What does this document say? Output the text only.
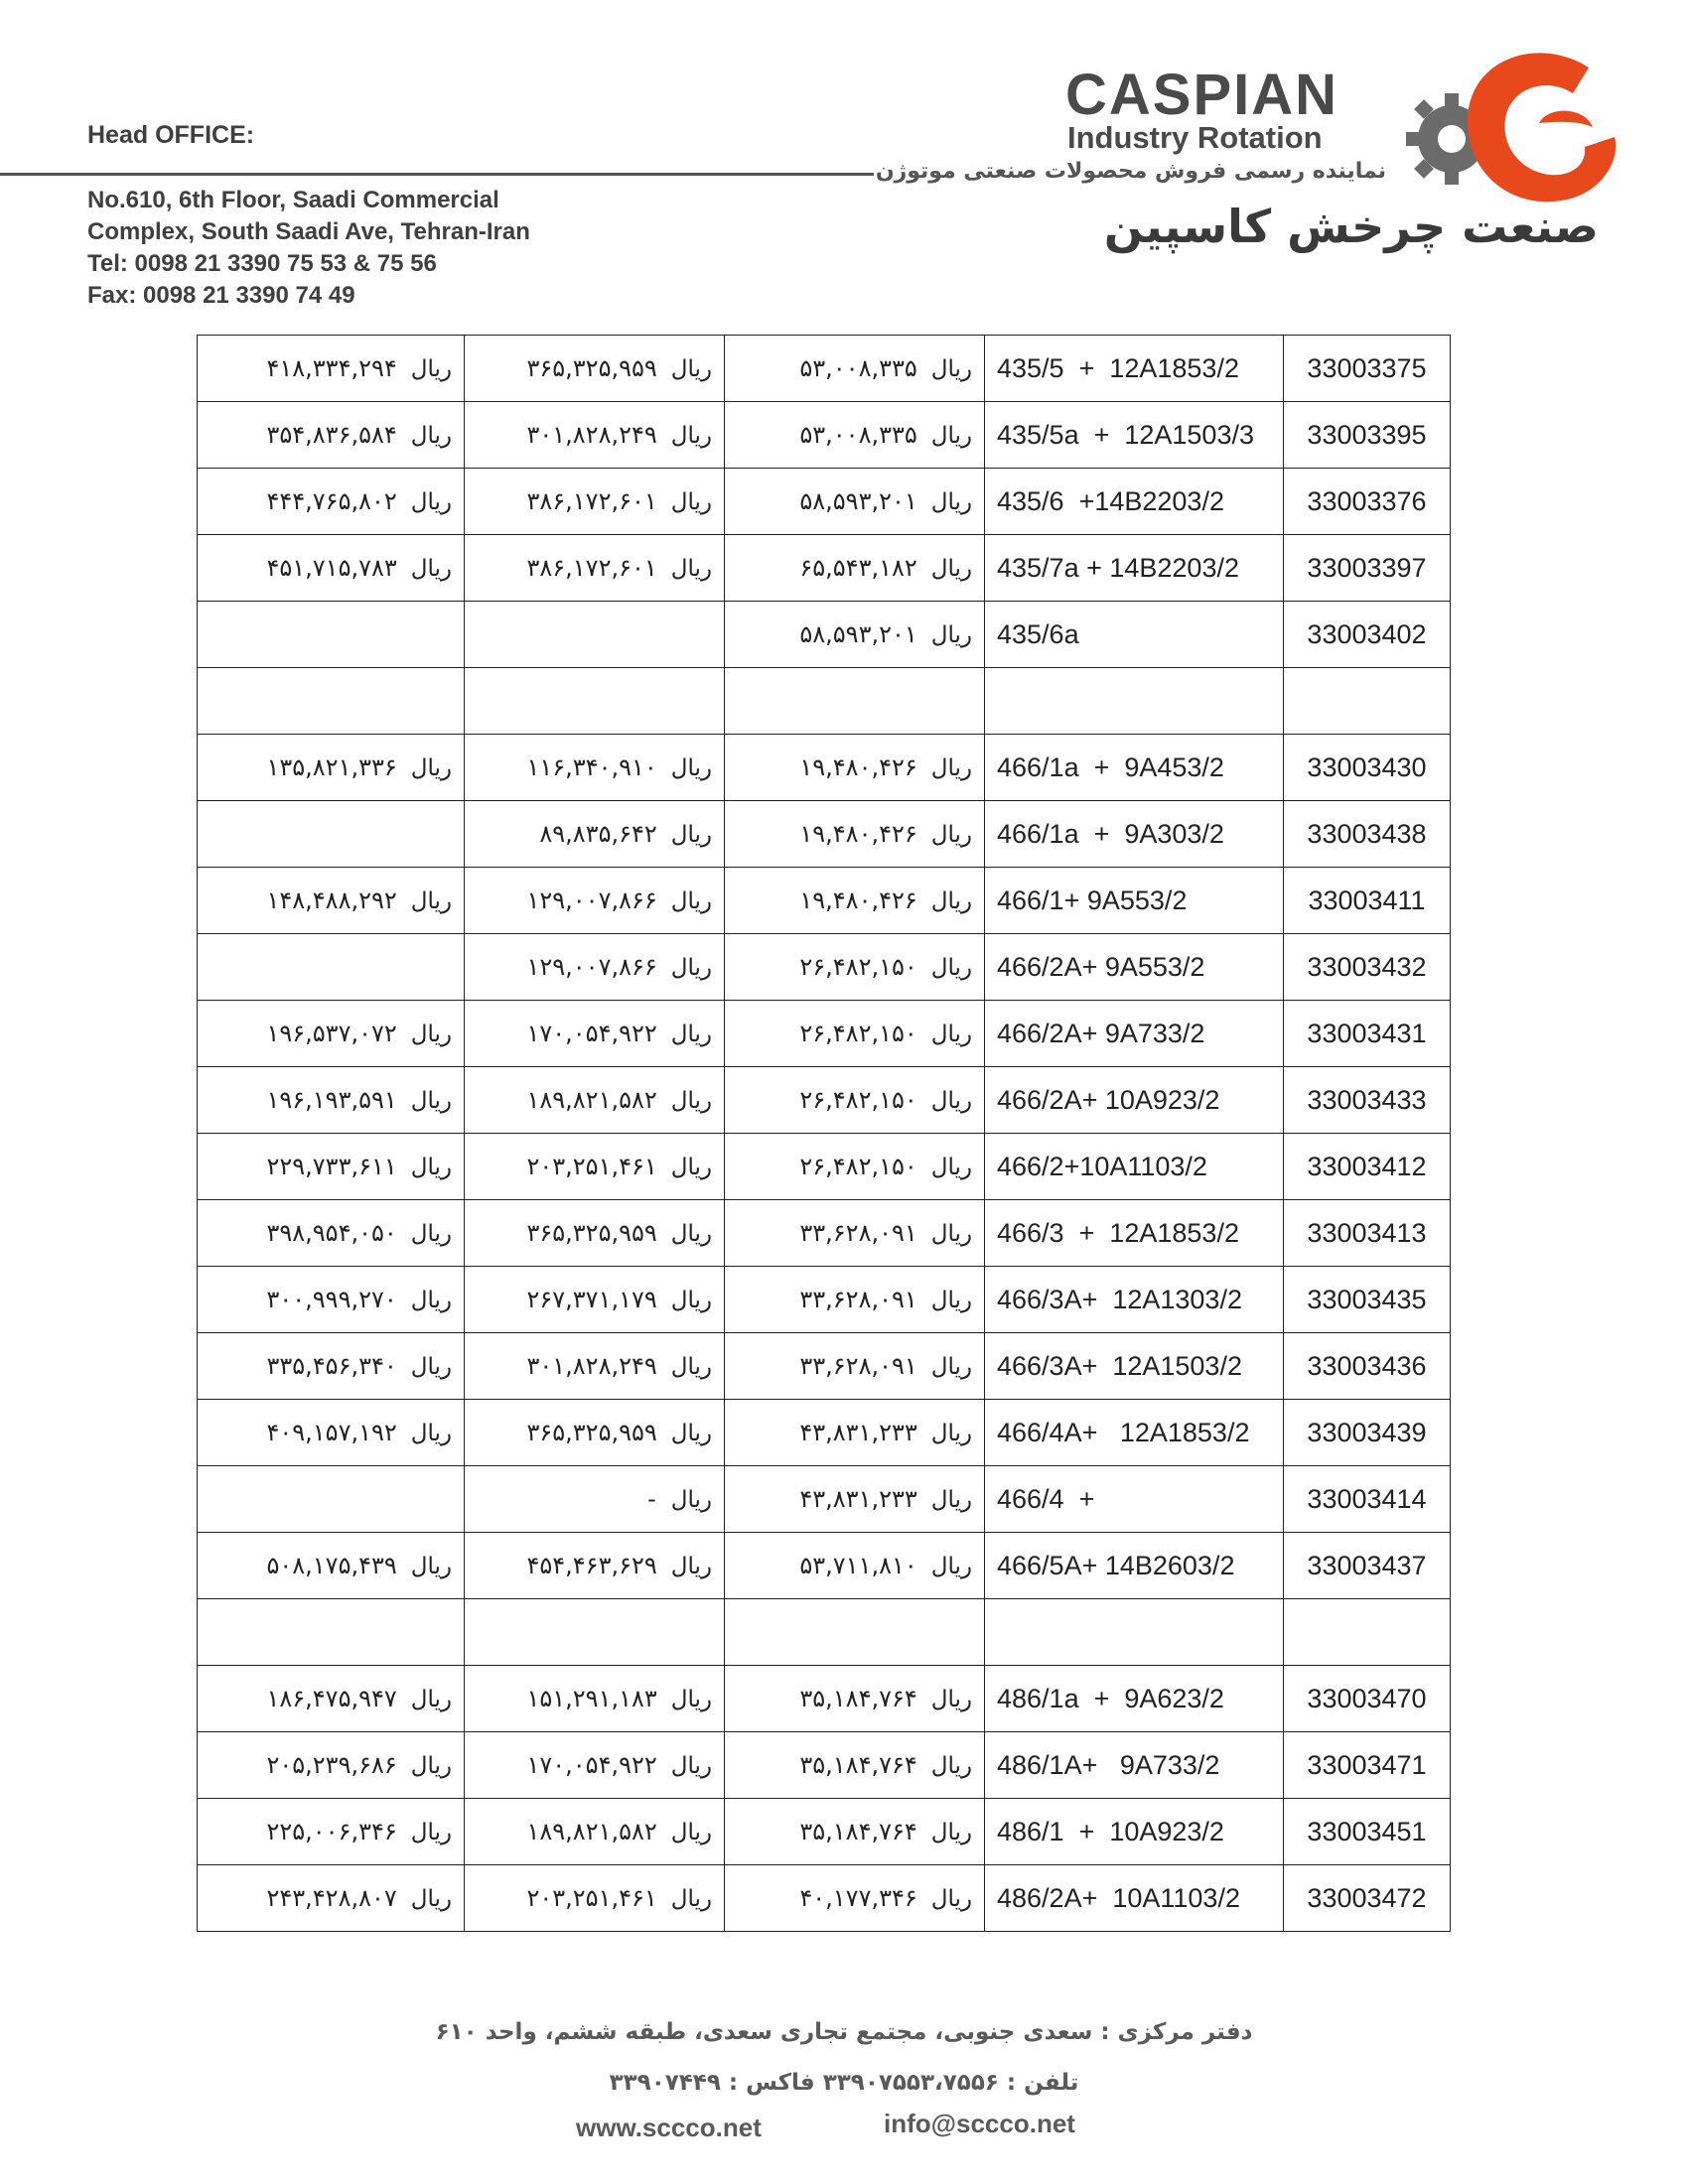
Head OFFICE:
No.610, 6th Floor, Saadi Commercial
Complex, South Saadi Ave, Tehran-Iran
Tel: 0098 21 3390 75 53 & 75 56
Fax: 0098 21 3390 74 49
CASPIAN
Industry Rotation
نماینده رسمی فروش محصولات صنعتی موتوژن
صنعت چرخش کاسپین
ریال۴۱۸,۳۳۴,۲۹۴	ریال۳۶۵,۳۲۵,۹۵۹	ریال۵۳,۰۰۸,۳۳۵	435/5  +  12A1853/2	33003375
ریال۳۵۴,۸۳۶,۵۸۴	ریال۳۰۱,۸۲۸,۲۴۹	ریال۵۳,۰۰۸,۳۳۵	435/5a  +  12A1503/3	33003395
ریال۴۴۴,۷۶۵,۸۰۲	ریال۳۸۶,۱۷۲,۶۰۱	ریال۵۸,۵۹۳,۲۰۱	435/6  +14B2203/2	33003376
ریال۴۵۱,۷۱۵,۷۸۳	ریال۳۸۶,۱۷۲,۶۰۱	ریال۶۵,۵۴۳,۱۸۲	435/7a + 14B2203/2	33003397
		ریال۵۸,۵۹۳,۲۰۱	435/6a	33003402

ریال۱۳۵,۸۲۱,۳۳۶	ریال۱۱۶,۳۴۰,۹۱۰	ریال۱۹,۴۸۰,۴۲۶	466/1a  +  9A453/2	33003430
	ریال۸۹,۸۳۵,۶۴۲	ریال۱۹,۴۸۰,۴۲۶	466/1a  +  9A303/2	33003438
ریال۱۴۸,۴۸۸,۲۹۲	ریال۱۲۹,۰۰۷,۸۶۶	ریال۱۹,۴۸۰,۴۲۶	466/1+ 9A553/2	33003411
	ریال۱۲۹,۰۰۷,۸۶۶	ریال۲۶,۴۸۲,۱۵۰	466/2A+ 9A553/2	33003432
ریال۱۹۶,۵۳۷,۰۷۲	ریال۱۷۰,۰۵۴,۹۲۲	ریال۲۶,۴۸۲,۱۵۰	466/2A+ 9A733/2	33003431
ریال۱۹۶,۱۹۳,۵۹۱	ریال۱۸۹,۸۲۱,۵۸۲	ریال۲۶,۴۸۲,۱۵۰	466/2A+ 10A923/2	33003433
ریال۲۲۹,۷۳۳,۶۱۱	ریال۲۰۳,۲۵۱,۴۶۱	ریال۲۶,۴۸۲,۱۵۰	466/2+10A1103/2	33003412
ریال۳۹۸,۹۵۴,۰۵۰	ریال۳۶۵,۳۲۵,۹۵۹	ریال۳۳,۶۲۸,۰۹۱	466/3  +  12A1853/2	33003413
ریال۳۰۰,۹۹۹,۲۷۰	ریال۲۶۷,۳۷۱,۱۷۹	ریال۳۳,۶۲۸,۰۹۱	466/3A+  12A1303/2	33003435
ریال۳۳۵,۴۵۶,۳۴۰	ریال۳۰۱,۸۲۸,۲۴۹	ریال۳۳,۶۲۸,۰۹۱	466/3A+  12A1503/2	33003436
ریال۴۰۹,۱۵۷,۱۹۲	ریال۳۶۵,۳۲۵,۹۵۹	ریال۴۳,۸۳۱,۲۳۳	466/4A+   12A1853/2	33003439
	ریال-	ریال۴۳,۸۳۱,۲۳۳	466/4  +	33003414
ریال۵۰۸,۱۷۵,۴۳۹	ریال۴۵۴,۴۶۳,۶۲۹	ریال۵۳,۷۱۱,۸۱۰	466/5A+ 14B2603/2	33003437

ریال۱۸۶,۴۷۵,۹۴۷	ریال۱۵۱,۲۹۱,۱۸۳	ریال۳۵,۱۸۴,۷۶۴	486/1a  +  9A623/2	33003470
ریال۲۰۵,۲۳۹,۶۸۶	ریال۱۷۰,۰۵۴,۹۲۲	ریال۳۵,۱۸۴,۷۶۴	486/1A+   9A733/2	33003471
ریال۲۲۵,۰۰۶,۳۴۶	ریال۱۸۹,۸۲۱,۵۸۲	ریال۳۵,۱۸۴,۷۶۴	486/1  +  10A923/2	33003451
ریال۲۴۳,۴۲۸,۸۰۷	ریال۲۰۳,۲۵۱,۴۶۱	ریال۴۰,۱۷۷,۳۴۶	486/2A+  10A1103/2	33003472
دفتر مرکزی : سعدی جنوبی، مجتمع تجاری سعدی، طبقه ششم، واحد ۶۱۰
تلفن : ۳۳۹۰۷۵۵۳،۷۵۵۶ فاکس : ۳۳۹۰۷۴۴۹
www.sccco.net	info@sccco.net
